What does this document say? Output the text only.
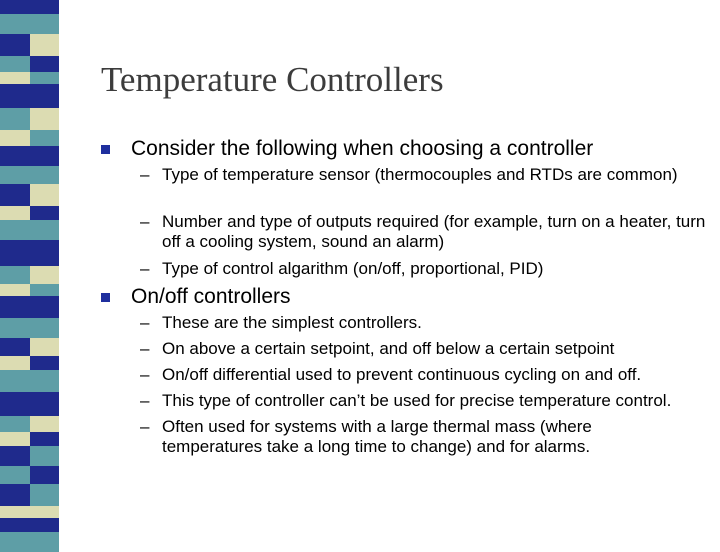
Temperature Controllers
Consider the following when choosing a controller
– Type of temperature sensor (thermocouples and RTDs are common)
– Number and type of outputs required (for example, turn on a heater, turn off a cooling system, sound an alarm)
– Type of control algarithm (on/off, proportional, PID)
On/off controllers
– These are the simplest controllers.
– On above a certain setpoint, and off below a certain setpoint
– On/off differential used to prevent continuous cycling on and off.
– This type of controller can’t be used for precise temperature control.
– Often used for systems with a large thermal mass (where temperatures take a long time to change) and for alarms.
